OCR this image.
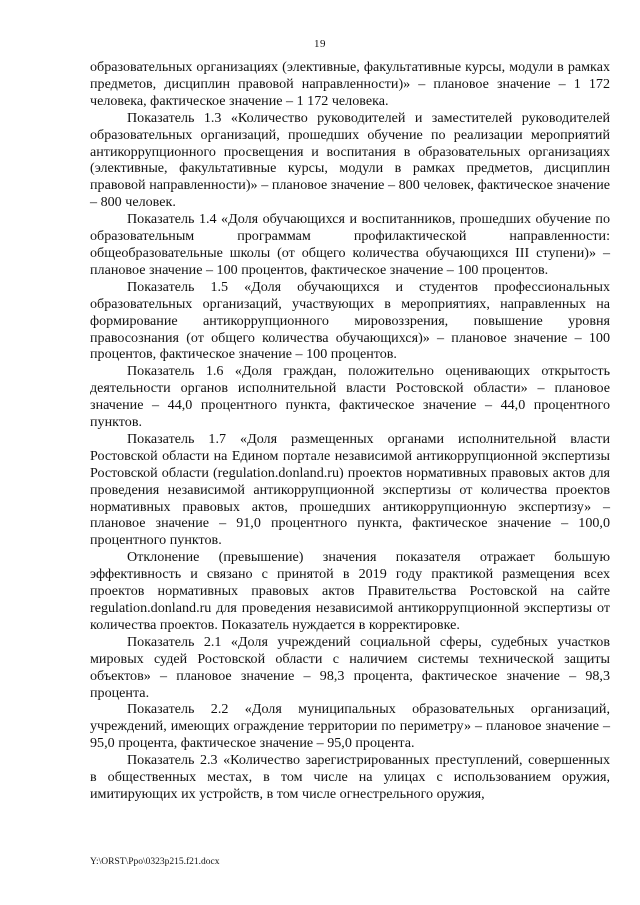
19

образовательных организациях (элективные, факультативные курсы, модули в рамках предметов, дисциплин правовой направленности)» – плановое значение – 1 172 человека, фактическое значение – 1 172 человека.

Показатель 1.3 «Количество руководителей и заместителей руководителей образовательных организаций, прошедших обучение по реализации мероприятий антикоррупционного просвещения и воспитания в образовательных организациях (элективные, факультативные курсы, модули в рамках предметов, дисциплин правовой направленности)» – плановое значение – 800 человек, фактическое значение – 800 человек.

Показатель 1.4 «Доля обучающихся и воспитанников, прошедших обучение по образовательным программам профилактической направленности: общеобразовательные школы (от общего количества обучающихся III ступени)» – плановое значение – 100 процентов, фактическое значение – 100 процентов.

Показатель 1.5 «Доля обучающихся и студентов профессиональных образовательных организаций, участвующих в мероприятиях, направленных на формирование антикоррупционного мировоззрения, повышение уровня правосознания (от общего количества обучающихся)» – плановое значение – 100 процентов, фактическое значение – 100 процентов.

Показатель 1.6 «Доля граждан, положительно оценивающих открытость деятельности органов исполнительной власти Ростовской области» – плановое значение – 44,0 процентного пункта, фактическое значение – 44,0 процентного пунктов.

Показатель 1.7 «Доля размещенных органами исполнительной власти Ростовской области на Едином портале независимой антикоррупционной экспертизы Ростовской области (regulation.donland.ru) проектов нормативных правовых актов для проведения независимой антикоррупционной экспертизы от количества проектов нормативных правовых актов, прошедших антикоррупционную экспертизу» – плановое значение – 91,0 процентного пункта, фактическое значение – 100,0 процентного пунктов.

Отклонение (превышение) значения показателя отражает большую эффективность и связано с принятой в 2019 году практикой размещения всех проектов нормативных правовых актов Правительства Ростовской на сайте regulation.donland.ru для проведения независимой антикоррупционной экспертизы от количества проектов. Показатель нуждается в корректировке.

Показатель 2.1 «Доля учреждений социальной сферы, судебных участков мировых судей Ростовской области с наличием системы технической защиты объектов» – плановое значение – 98,3 процента, фактическое значение – 98,3 процента.

Показатель 2.2 «Доля муниципальных образовательных организаций, учреждений, имеющих ограждение территории по периметру» – плановое значение – 95,0 процента, фактическое значение – 95,0 процента.

Показатель 2.3 «Количество зарегистрированных преступлений, совершенных в общественных местах, в том числе на улицах с использованием оружия, имитирующих их устройств, в том числе огнестрельного оружия,

Y:\ORST\Ppo\0323p215.f21.docx
